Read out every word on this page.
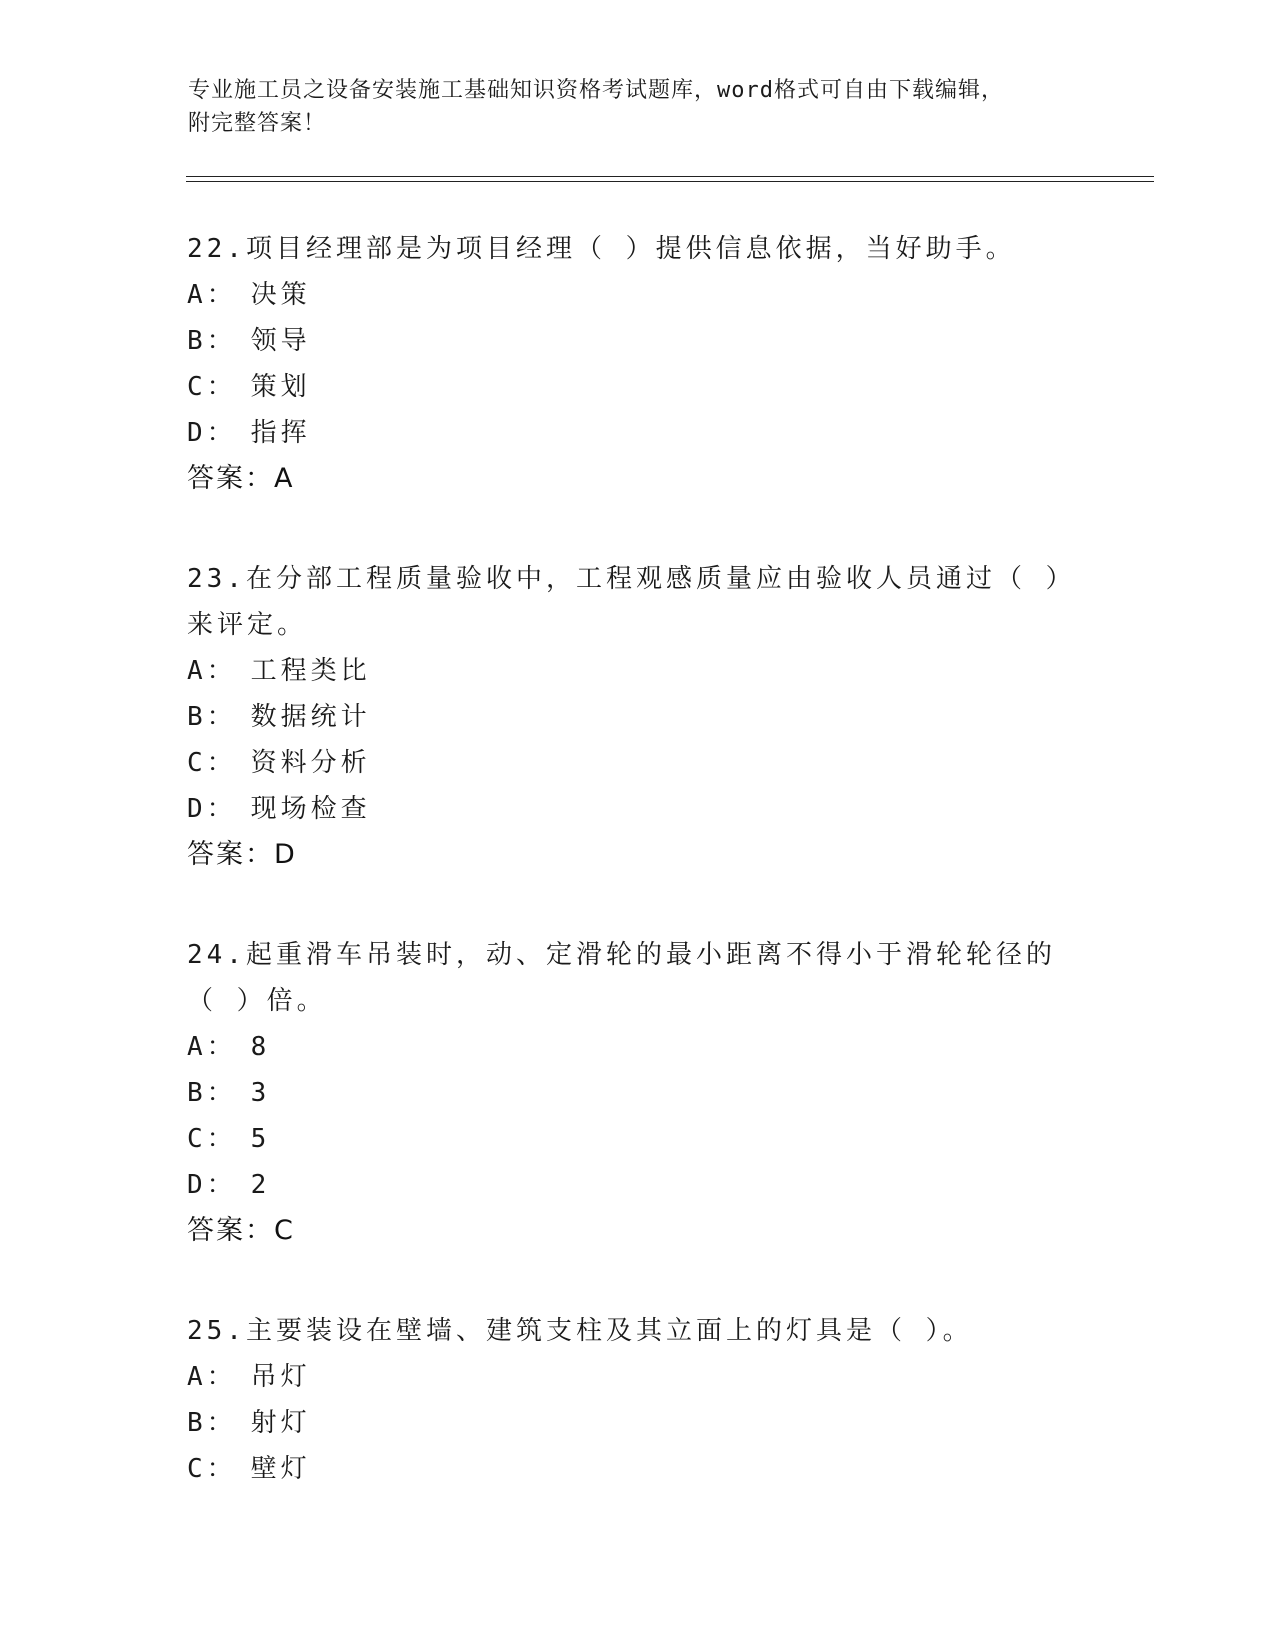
专业施工员之设备安装施工基础知识资格考试题库，word格式可自由下载编辑，
附完整答案！

22.项目经理部是为项目经理（ ）提供信息依据，当好助手。

A： 决策

B： 领导

C： 策划

D： 指挥

答案：A

23.在分部工程质量验收中，工程观感质量应由验收人员通过（ ）来评定。

A： 工程类比

B： 数据统计

C： 资料分析

D： 现场检查

答案：D

24.起重滑车吊装时，动、定滑轮的最小距离不得小于滑轮轮径的（ ）倍。

A： 8

B： 3

C： 5

D： 2

答案：C

25.主要装设在壁墙、建筑支柱及其立面上的灯具是（ ）。

A： 吊灯

B： 射灯

C： 壁灯
